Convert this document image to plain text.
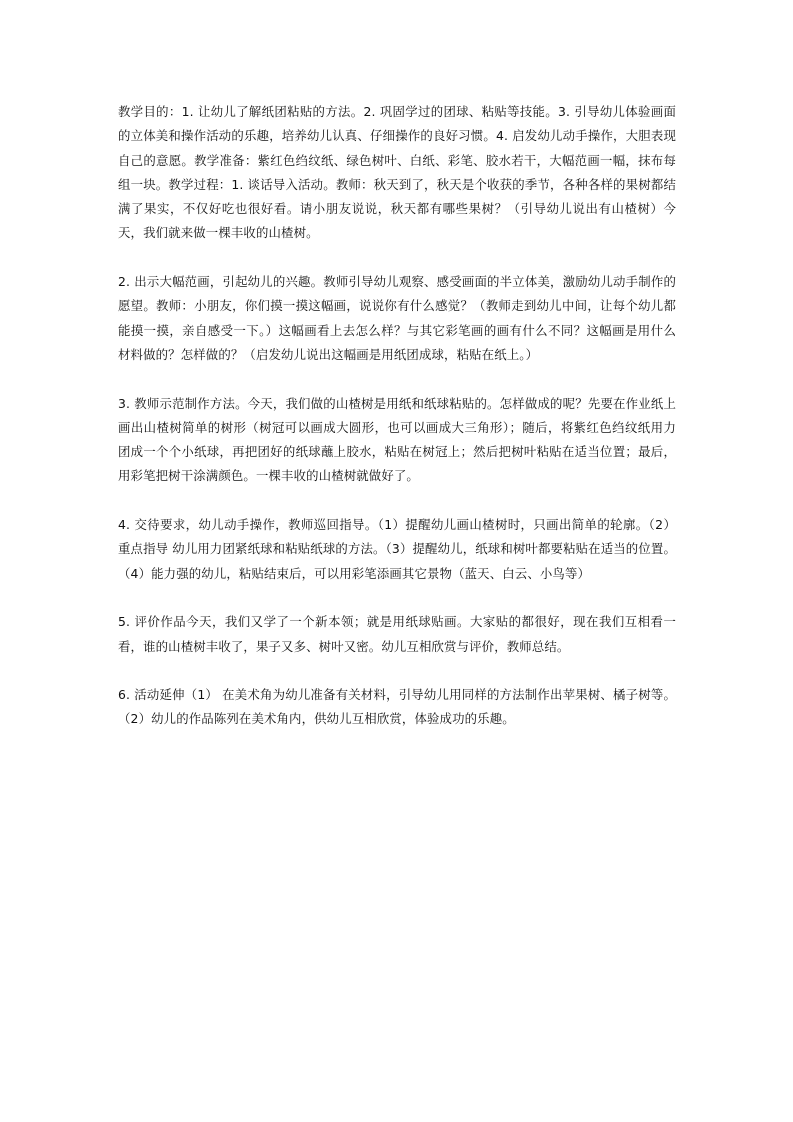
教学目的：1. 让幼儿了解纸团粘贴的方法。2. 巩固学过的团球、粘贴等技能。3. 引导幼儿体验画面的立体美和操作活动的乐趣，培养幼儿认真、仔细操作的良好习惯。4. 启发幼儿动手操作，大胆表现自己的意愿。教学准备：紫红色绉纹纸、绿色树叶、白纸、彩笔、胶水若干，大幅范画一幅，抹布每组一块。教学过程：1. 谈话导入活动。教师：秋天到了，秋天是个收获的季节，各种各样的果树都结满了果实，不仅好吃也很好看。请小朋友说说，秋天都有哪些果树？（引导幼儿说出有山楂树）今天，我们就来做一棵丰收的山楂树。

2. 出示大幅范画，引起幼儿的兴趣。教师引导幼儿观察、感受画面的半立体美，激励幼儿动手制作的愿望。教师：小朋友，你们摸一摸这幅画，说说你有什么感觉？（教师走到幼儿中间，让每个幼儿都能摸一摸，亲自感受一下。）这幅画看上去怎么样？与其它彩笔画的画有什么不同？这幅画是用什么材料做的？怎样做的？（启发幼儿说出这幅画是用纸团成球，粘贴在纸上。）

3. 教师示范制作方法。今天，我们做的山楂树是用纸和纸球粘贴的。怎样做成的呢？先要在作业纸上画出山楂树简单的树形（树冠可以画成大圆形，也可以画成大三角形）；随后，将紫红色绉纹纸用力团成一个个小纸球，再把团好的纸球蘸上胶水，粘贴在树冠上；然后把树叶粘贴在适当位置；最后，用彩笔把树干涂满颜色。一棵丰收的山楂树就做好了。

4. 交待要求，幼儿动手操作，教师巡回指导。（1）提醒幼儿画山楂树时，只画出简单的轮廓。（2）重点指导 幼儿用力团紧纸球和粘贴纸球的方法。（3）提醒幼儿，纸球和树叶都要粘贴在适当的位置。（4）能力强的幼儿，粘贴结束后，可以用彩笔添画其它景物（蓝天、白云、小鸟等）

5. 评价作品今天，我们又学了一个新本领；就是用纸球贴画。大家贴的都很好，现在我们互相看一看，谁的山楂树丰收了，果子又多、树叶又密。幼儿互相欣赏与评价，教师总结。

6. 活动延伸（1） 在美术角为幼儿准备有关材料，引导幼儿用同样的方法制作出苹果树、橘子树等。（2）幼儿的作品陈列在美术角内，供幼儿互相欣赏，体验成功的乐趣。
